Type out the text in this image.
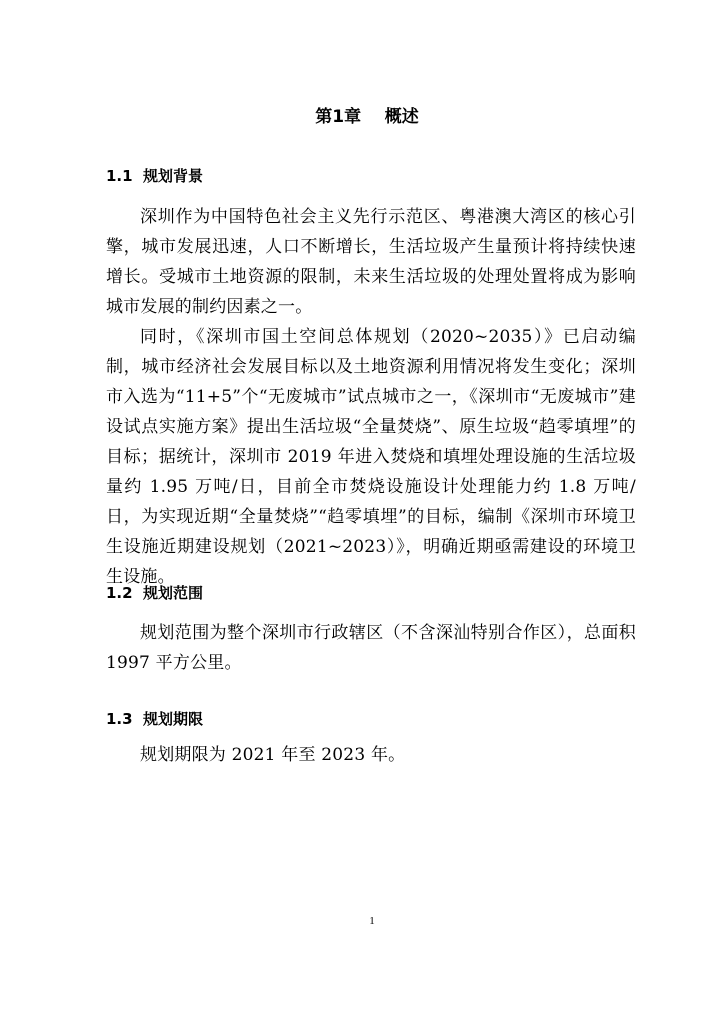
第1章    概述
1.1  规划背景

深圳作为中国特色社会主义先行示范区、粤港澳大湾区的核心引擎，城市发展迅速，人口不断增长，生活垃圾产生量预计将持续快速增长。受城市土地资源的限制，未来生活垃圾的处理处置将成为影响城市发展的制约因素之一。

同时，《深圳市国土空间总体规划（2020~2035）》已启动编制，城市经济社会发展目标以及土地资源利用情况将发生变化；深圳市入选为“11+5”个“无废城市”试点城市之一，《深圳市“无废城市”建设试点实施方案》提出生活垃圾“全量焚烧”、原生垃圾“趋零填埋”的目标；据统计，深圳市 2019 年进入焚烧和填埋处理设施的生活垃圾量约 1.95 万吨/日，目前全市焚烧设施设计处理能力约 1.8 万吨/日，为实现近期“全量焚烧”“趋零填埋”的目标，编制《深圳市环境卫生设施近期建设规划（2021~2023）》，明确近期亟需建设的环境卫生设施。

1.2  规划范围

规划范围为整个深圳市行政辖区（不含深汕特别合作区），总面积 1997 平方公里。

1.3  规划期限

规划期限为 2021 年至 2023 年。

1
